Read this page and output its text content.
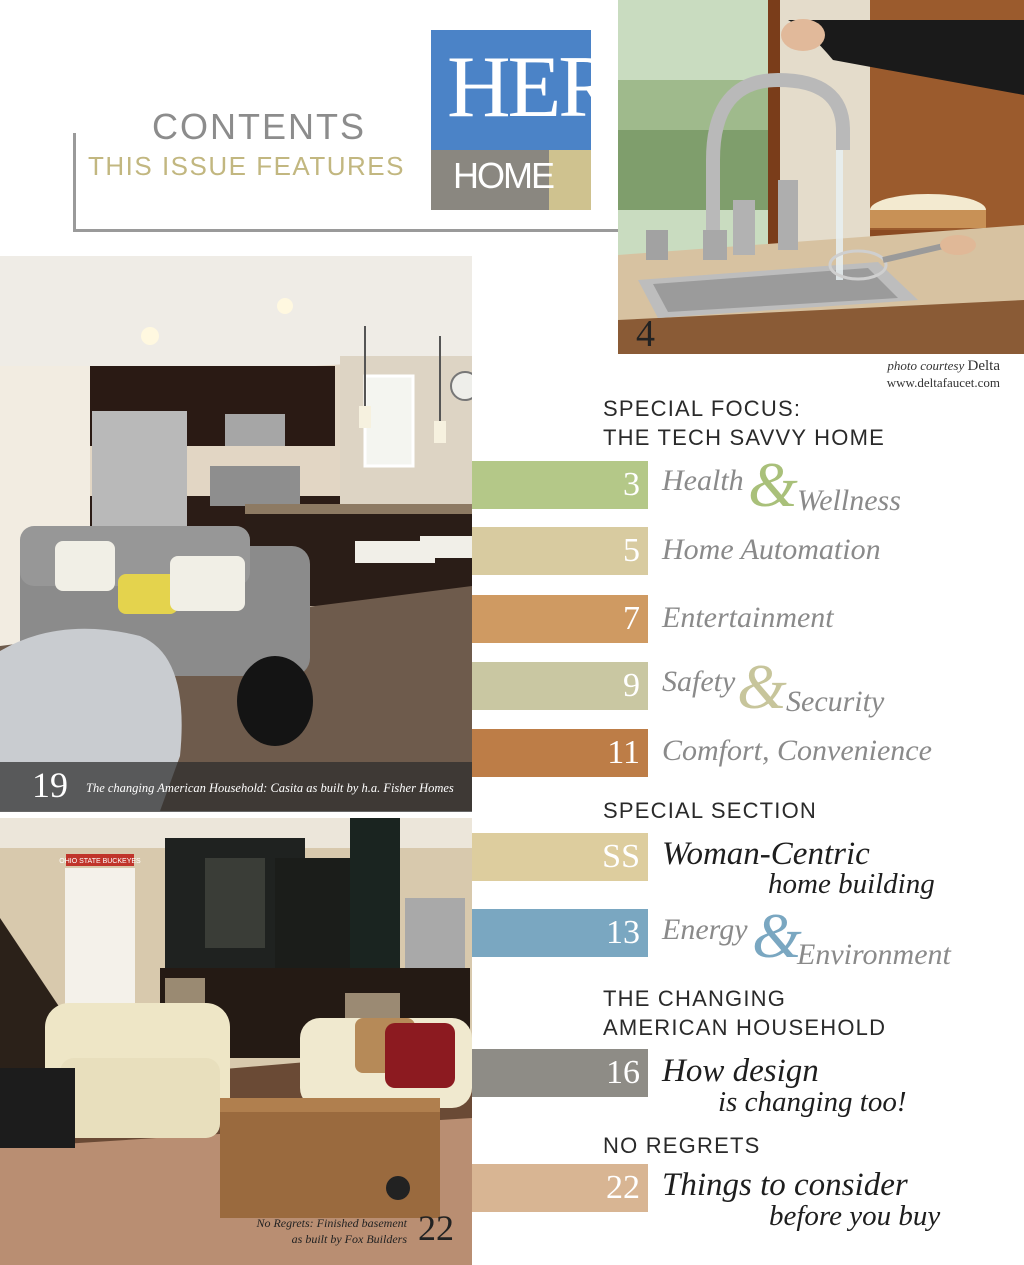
CONTENTS
THIS ISSUE FEATURES
HER
HOME
4
photo courtesy Delta
www.deltafaucet.com
19 The changing American Household: Casita as built by h.a. Fisher Homes
OHIO STATE BUCKEYES
22
No Regrets: Finished basement
as built by Fox Builders
SPECIAL FOCUS:
THE TECH SAVVY HOME
SPECIAL SECTION
THE CHANGING
AMERICAN HOUSEHOLD
NO REGRETS
3 Health & Wellness
5 Home Automation
7 Entertainment
9 Safety & Security
11 Comfort, Convenience
SS Woman-Centric
home building
13 Energy &
Environment
16 How design
is changing too!
22 Things to consider
before you buy
